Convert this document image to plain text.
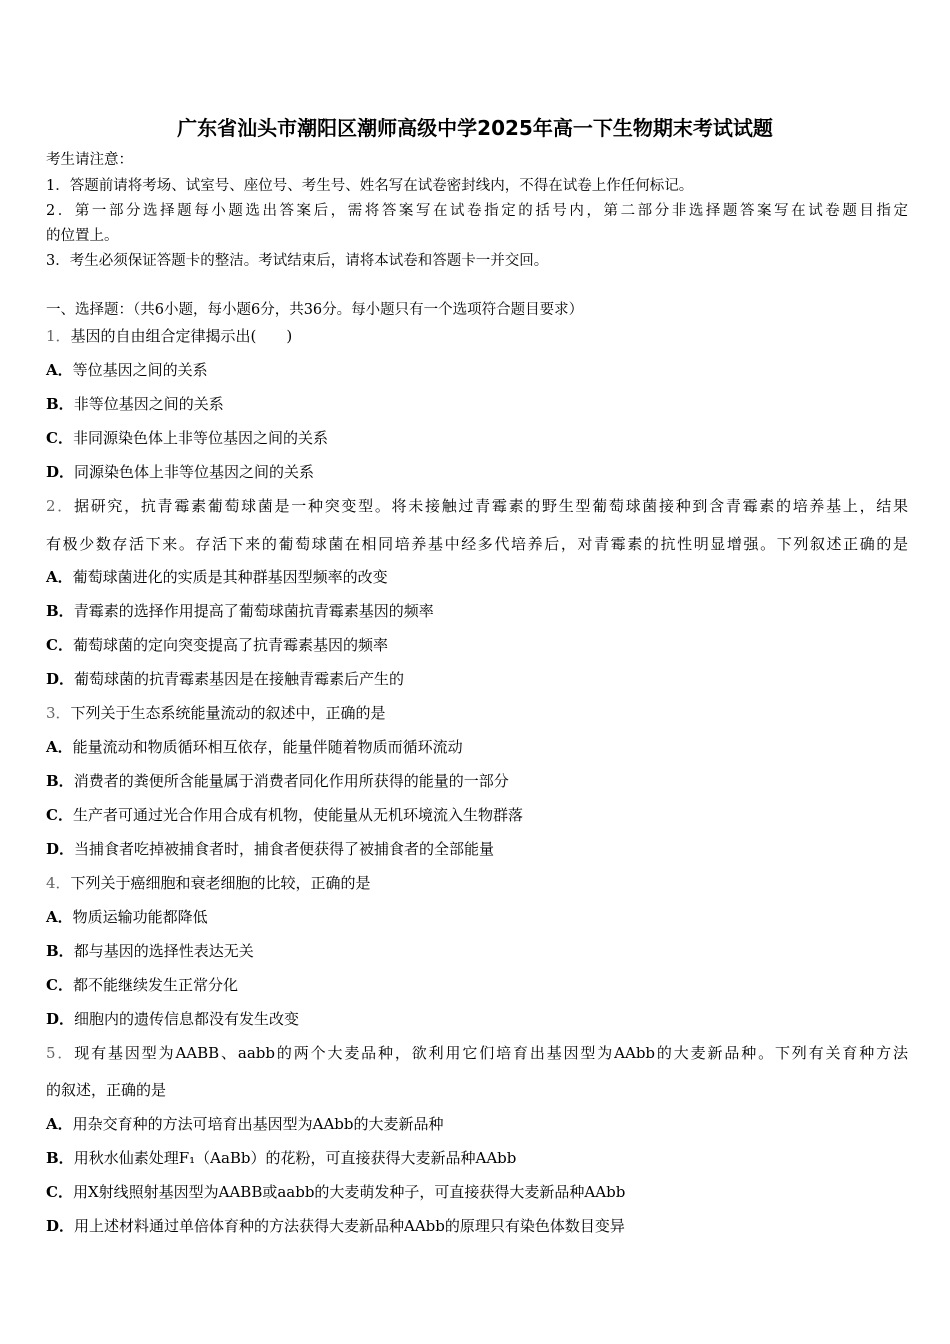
广东省汕头市潮阳区潮师高级中学2025年高一下生物期末考试试题
考生请注意：
1．答题前请将考场、试室号、座位号、考生号、姓名写在试卷密封线内，不得在试卷上作任何标记。
2．第一部分选择题每小题选出答案后，需将答案写在试卷指定的括号内，第二部分非选择题答案写在试卷题目指定
的位置上。
3．考生必须保证答题卡的整洁。考试结束后，请将本试卷和答题卡一并交回。
一、选择题：（共6小题，每小题6分，共36分。每小题只有一个选项符合题目要求）
1．基因的自由组合定律揭示出(　　)
A．等位基因之间的关系
B．非等位基因之间的关系
C．非同源染色体上非等位基因之间的关系
D．同源染色体上非等位基因之间的关系
2．据研究，抗青霉素葡萄球菌是一种突变型。将未接触过青霉素的野生型葡萄球菌接种到含青霉素的培养基上，结果
有极少数存活下来。存活下来的葡萄球菌在相同培养基中经多代培养后，对青霉素的抗性明显增强。下列叙述正确的是
A．葡萄球菌进化的实质是其种群基因型频率的改变
B．青霉素的选择作用提高了葡萄球菌抗青霉素基因的频率
C．葡萄球菌的定向突变提高了抗青霉素基因的频率
D．葡萄球菌的抗青霉素基因是在接触青霉素后产生的
3．下列关于生态系统能量流动的叙述中，正确的是
A．能量流动和物质循环相互依存，能量伴随着物质而循环流动
B．消费者的粪便所含能量属于消费者同化作用所获得的能量的一部分
C．生产者可通过光合作用合成有机物，使能量从无机环境流入生物群落
D．当捕食者吃掉被捕食者时，捕食者便获得了被捕食者的全部能量
4．下列关于癌细胞和衰老细胞的比较，正确的是
A．物质运输功能都降低
B．都与基因的选择性表达无关
C．都不能继续发生正常分化
D．细胞内的遗传信息都没有发生改变
5．现有基因型为AABB、aabb的两个大麦品种，欲利用它们培育出基因型为AAbb的大麦新品种。下列有关育种方法
的叙述，正确的是
A．用杂交育种的方法可培育出基因型为AAbb的大麦新品种
B．用秋水仙素处理F₁（AaBb）的花粉，可直接获得大麦新品种AAbb
C．用X射线照射基因型为AABB或aabb的大麦萌发种子，可直接获得大麦新品种AAbb
D．用上述材料通过单倍体育种的方法获得大麦新品种AAbb的原理只有染色体数目变异
